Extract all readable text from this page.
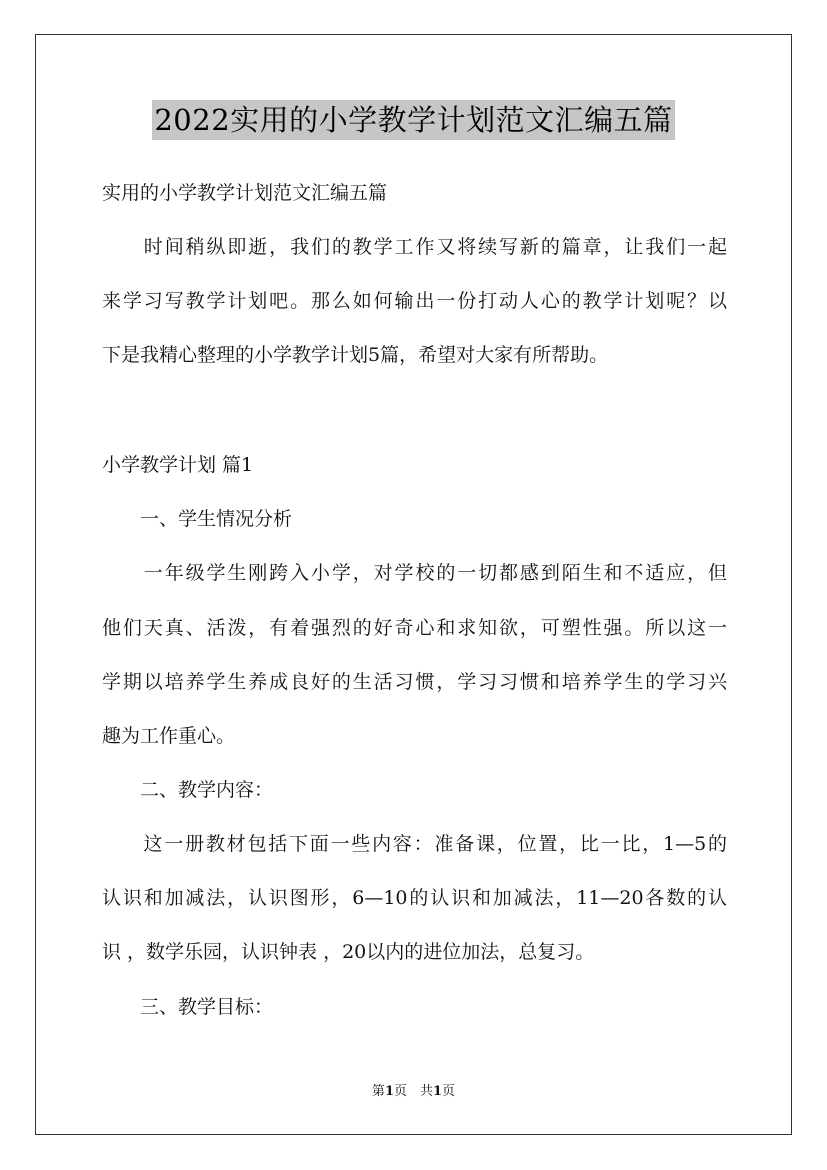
2022实用的小学教学计划范文汇编五篇
实用的小学教学计划范文汇编五篇
　　时间稍纵即逝，我们的教学工作又将续写新的篇章，让我们一起
来学习写教学计划吧。那么如何输出一份打动人心的教学计划呢？以
下是我精心整理的小学教学计划5篇，希望对大家有所帮助。
小学教学计划 篇1
　　一、学生情况分析
　　一年级学生刚跨入小学，对学校的一切都感到陌生和不适应，但
他们天真、活泼，有着强烈的好奇心和求知欲，可塑性强。所以这一
学期以培养学生养成良好的生活习惯，学习习惯和培养学生的学习兴
趣为工作重心。
　　二、教学内容：
　　这一册教材包括下面一些内容：准备课，位置，比一比，1—5的
认识和加减法，认识图形，6—10的认识和加减法，11—20各数的认
识 ，数学乐园，认识钟表 ，20以内的进位加法，总复习。
　　三、教学目标：
第1页　共1页
